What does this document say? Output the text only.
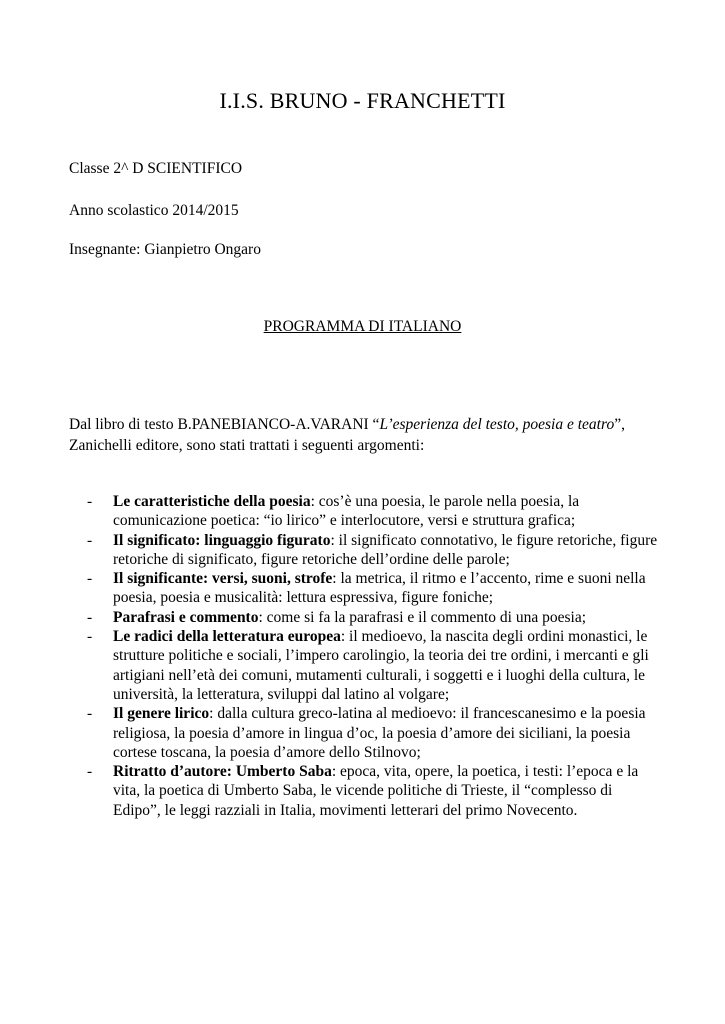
I.I.S. BRUNO - FRANCHETTI
Classe 2^ D SCIENTIFICO
Anno scolastico 2014/2015
Insegnante: Gianpietro Ongaro
PROGRAMMA DI ITALIANO
Dal libro di testo B.PANEBIANCO-A.VARANI “L’esperienza del testo, poesia e teatro”, Zanichelli editore, sono stati trattati i seguenti argomenti:
- Le caratteristiche della poesia: cos’è una poesia, le parole nella poesia, la comunicazione poetica: “io lirico” e interlocutore, versi e struttura grafica;
- Il significato: linguaggio figurato: il significato connotativo, le figure retoriche, figure retoriche di significato, figure retoriche dell’ordine delle parole;
- Il significante: versi, suoni, strofe: la metrica, il ritmo e l’accento, rime e suoni nella poesia, poesia e musicalità: lettura espressiva, figure foniche;
- Parafrasi e commento: come si fa la parafrasi e il commento di una poesia;
- Le radici della letteratura europea: il medioevo, la nascita degli ordini monastici, le strutture politiche e sociali, l’impero carolingio, la teoria dei tre ordini, i mercanti e gli artigiani nell’età dei comuni, mutamenti culturali, i soggetti e i luoghi della cultura, le università, la letteratura, sviluppi dal latino al volgare;
- Il genere lirico: dalla cultura greco-latina al medioevo: il francescanesimo e la poesia religiosa, la poesia d’amore in lingua d’oc, la poesia d’amore dei siciliani, la poesia cortese toscana, la poesia d’amore dello Stilnovo;
- Ritratto d’autore: Umberto Saba: epoca, vita, opere, la poetica, i testi: l’epoca e la vita, la poetica di Umberto Saba, le vicende politiche di Trieste, il “complesso di Edipo”, le leggi razziali in Italia, movimenti letterari del primo Novecento.
